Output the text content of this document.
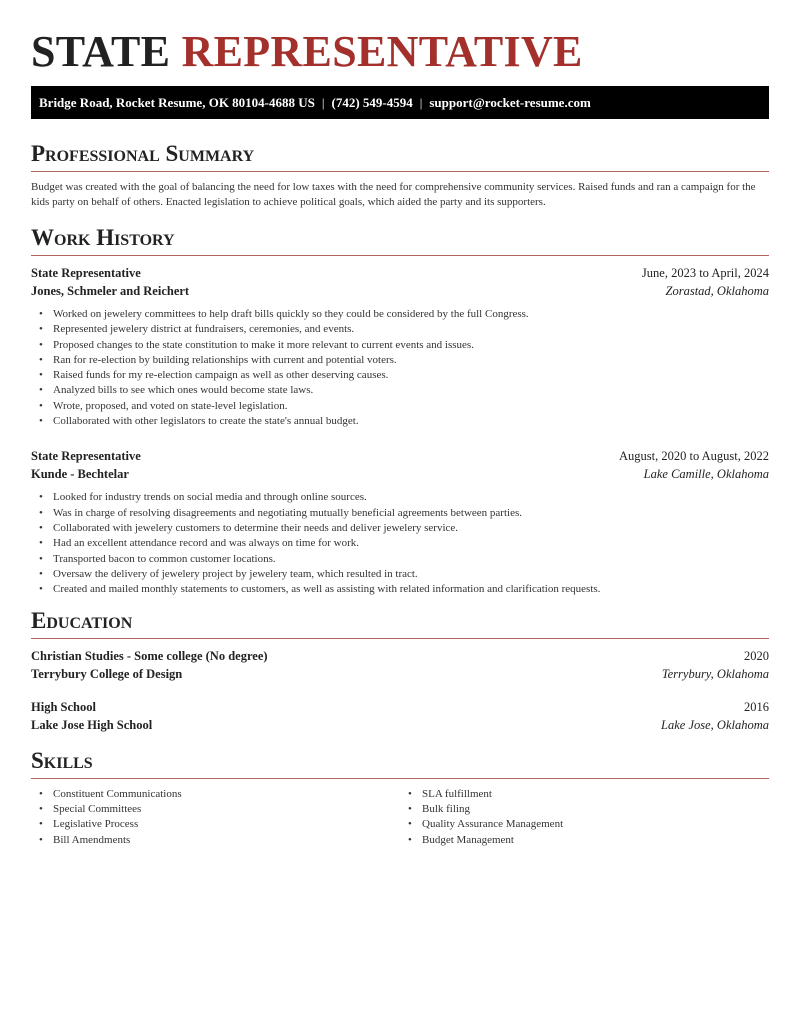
STATE REPRESENTATIVE
Bridge Road, Rocket Resume, OK 80104-4688 US | (742) 549-4594 | support@rocket-resume.com
Professional Summary

Budget was created with the goal of balancing the need for low taxes with the need for comprehensive community services. Raised funds and ran a campaign for the kids party on behalf of others. Enacted legislation to achieve political goals, which aided the party and its supporters.

Work History
State Representative	June, 2023 to April, 2024
Jones, Schmeler and Reichert	Zorastad, Oklahoma
• Worked on jewelery committees to help draft bills quickly so they could be considered by the full Congress.
• Represented jewelery district at fundraisers, ceremonies, and events.
• Proposed changes to the state constitution to make it more relevant to current events and issues.
• Ran for re-election by building relationships with current and potential voters.
• Raised funds for my re-election campaign as well as other deserving causes.
• Analyzed bills to see which ones would become state laws.
• Wrote, proposed, and voted on state-level legislation.
• Collaborated with other legislators to create the state's annual budget.
State Representative	August, 2020 to August, 2022
Kunde - Bechtelar	Lake Camille, Oklahoma
• Looked for industry trends on social media and through online sources.
• Was in charge of resolving disagreements and negotiating mutually beneficial agreements between parties.
• Collaborated with jewelery customers to determine their needs and deliver jewelery service.
• Had an excellent attendance record and was always on time for work.
• Transported bacon to common customer locations.
• Oversaw the delivery of jewelery project by jewelery team, which resulted in tract.
• Created and mailed monthly statements to customers, as well as assisting with related information and clarification requests.
Education
Christian Studies - Some college (No degree)	2020
Terrybury College of Design	Terrybury, Oklahoma
High School	2016
Lake Jose High School	Lake Jose, Oklahoma
Skills
• Constituent Communications
• Special Committees
• Legislative Process
• Bill Amendments
• SLA fulfillment
• Bulk filing
• Quality Assurance Management
• Budget Management
